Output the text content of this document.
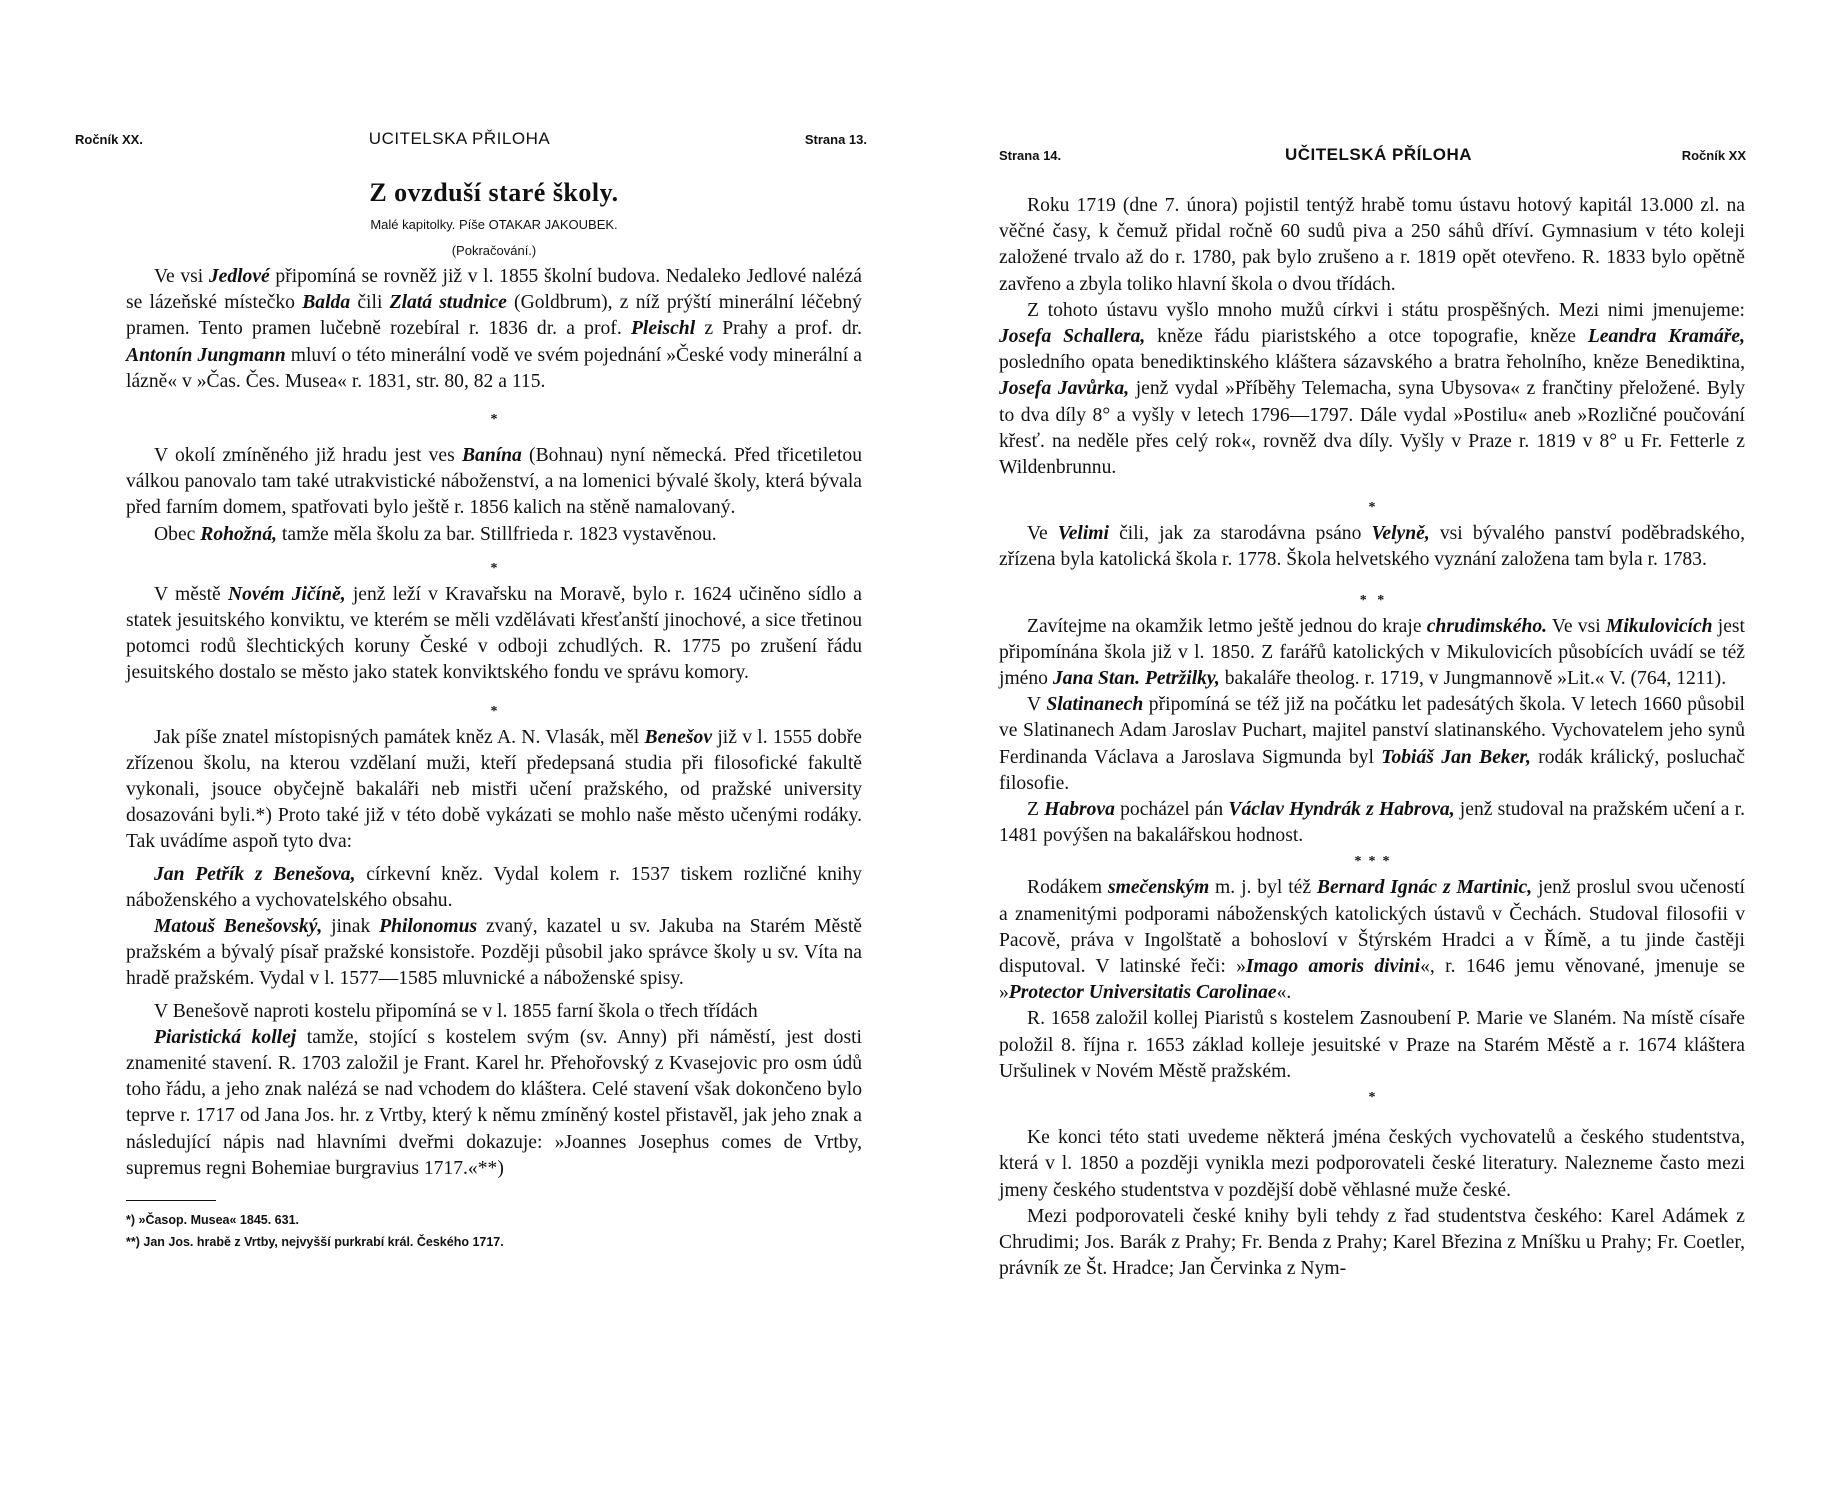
Ročník XX.	UCITELSKA PŘILOHA	Strana 13.
Z ovzduší staré školy.
Malé kapitolky. Píše OTAKAR JAKOUBEK.
(Pokračování.)

Ve vsi Jedlové připomíná se rovněž již v l. 1855 školní budova. Nedaleko Jedlové nalézá se lázeňské místečko Balda čili Zlatá studnice (Goldbrum), z níž prýští minerální léčebný pramen. Tento pramen lučebně rozebíral r. 1836 dr. a prof. Pleischl z Prahy a prof. dr. Antonín Jungmann mluví o této minerální vodě ve svém pojednání »České vody minerální a lázně« v »Čas. Čes. Musea« r. 1831, str. 80, 82 a 115.

*

V okolí zmíněného již hradu jest ves Banína (Bohnau) nyní německá. Před třicetiletou válkou panovalo tam také utrakvistické náboženství, a na lomenici bývalé školy, která bývala před farním domem, spatřovati bylo ještě r. 1856 kalich na stěně namalovaný.

Obec Rohožná, tamže měla školu za bar. Stillfrieda r. 1823 vystavěnou.

*

V městě Novém Jičíně, jenž leží v Kravařsku na Moravě, bylo r. 1624 učiněno sídlo a statek jesuitského konviktu, ve kterém se měli vzdělávati křesťanští jinochové, a sice třetinou potomci rodů šlechtických koruny České v odboji zchudlých. R. 1775 po zrušení řádu jesuitského dostalo se město jako statek konviktského fondu ve správu komory.

*

Jak píše znatel místopisných památek kněz A. N. Vlasák, měl Benešov již v l. 1555 dobře zřízenou školu, na kterou vzdělaní muži, kteří předepsaná studia při filosofické fakultě vykonali, jsouce obyčejně bakaláři neb mistři učení pražského, od pražské university dosazováni byli.*) Proto také již v této době vykázati se mohlo naše město učenými rodáky. Tak uvádíme aspoň tyto dva:

Jan Petřík z Benešova, církevní kněz. Vydal kolem r. 1537 tiskem rozličné knihy náboženského a vychovatelského obsahu.

Matouš Benešovský, jinak Philonomus zvaný, kazatel u sv. Jakuba na Starém Městě pražském a bývalý písař pražské konsistoře. Později působil jako správce školy u sv. Víta na hradě pražském. Vydal v l. 1577—1585 mluvnické a náboženské spisy.

V Benešově naproti kostelu připomíná se v l. 1855 farní škola o třech třídách

Piaristická kollej tamže, stojící s kostelem svým (sv. Anny) při náměstí, jest dosti znamenité stavení. R. 1703 založil je Frant. Karel hr. Přehořovský z Kvasejovic pro osm údů toho řádu, a jeho znak nalézá se nad vchodem do kláštera. Celé stavení však dokončeno bylo teprve r. 1717 od Jana Jos. hr. z Vrtby, který k němu zmíněný kostel přistavěl, jak jeho znak a následující nápis nad hlavními dveřmi dokazuje: »Joannes Josephus comes de Vrtby, supremus regni Bohemiae burgravius 1717.«**)

*) »Časop. Musea« 1845. 631.
**) Jan Jos. hrabě z Vrtby, nejvyšší purkrabí král. Českého 1717.
Strana 14.	UČITELSKÁ PŘÍLOHA	Ročník XX

Roku 1719 (dne 7. února) pojistil tentýž hrabě tomu ústavu hotový kapitál 13.000 zl. na věčné časy, k čemuž přidal ročně 60 sudů piva a 250 sáhů dříví. Gymnasium v této koleji založené trvalo až do r. 1780, pak bylo zrušeno a r. 1819 opět otevřeno. R. 1833 bylo opětně zavřeno a zbyla toliko hlavní škola o dvou třídách.

Z tohoto ústavu vyšlo mnoho mužů církvi i státu prospěšných. Mezi nimi jmenujeme: Josefa Schallera, kněze řádu piaristského a otce topografie, kněze Leandra Kramáře, posledního opata benediktinského kláštera sázavského a bratra řeholního, kněze Benediktina, Josefa Javůrka, jenž vydal »Příběhy Telemacha, syna Ubysova« z frančtiny přeložené. Byly to dva díly 8° a vyšly v letech 1796—1797. Dále vydal »Postilu« aneb »Rozličné poučování křesť. na neděle přes celý rok«, rovněž dva díly. Vyšly v Praze r. 1819 v 8° u Fr. Fetterle z Wildenbrunnu.

*

Ve Velimi čili, jak za starodávna psáno Velyně, vsi bývalého panství poděbradského, zřízena byla katolická škola r. 1778. Škola helvetského vyznání založena tam byla r. 1783.

*   *

Zavítejme na okamžik letmo ještě jednou do kraje chrudimského. Ve vsi Mikulovicích jest připomínána škola již v l. 1850. Z farářů katolických v Mikulovicích působících uvádí se též jméno Jana Stan. Petržilky, bakaláře theolog. r. 1719, v Jungmannově »Lit.« V. (764, 1211).

V Slatinanech připomíná se též již na počátku let padesátých škola. V letech 1660 působil ve Slatinanech Adam Jaroslav Puchart, majitel panství slatinanského. Vychovatelem jeho synů Ferdinanda Václava a Jaroslava Sigmunda byl Tobiáš Jan Beker, rodák králický, posluchač filosofie.

Z Habrova pocházel pán Václav Hyndrák z Habrova, jenž studoval na pražském učení a r. 1481 povýšen na bakalářskou hodnost.

*  *  *

Rodákem smečenským m. j. byl též Bernard Ignác z Martinic, jenž proslul svou učeností a znamenitými podporami náboženských katolických ústavů v Čechách. Studoval filosofii v Pacově, práva v Ingolštatě a bohosloví v Štýrském Hradci a v Římě, a tu jinde častěji disputoval. V latinské řeči: »Imago amoris divini«, r. 1646 jemu věnované, jmenuje se »Protector Universitatis Carolinae«.

R. 1658 založil kollej Piaristů s kostelem Zasnoubení P. Marie ve Slaném. Na místě císaře položil 8. října r. 1653 základ kolleje jesuitské v Praze na Starém Městě a r. 1674 kláštera Uršulinek v Novém Městě pražském.

*

Ke konci této stati uvedeme některá jména českých vychovatelů a českého studentstva, která v l. 1850 a později vynikla mezi podporovateli české literatury. Nalezneme často mezi jmeny českého studentstva v pozdější době věhlasné muže české.

Mezi podporovateli české knihy byli tehdy z řad studentstva českého: Karel Adámek z Chrudimi; Jos. Barák z Prahy; Fr. Benda z Prahy; Karel Březina z Mníšku u Prahy; Fr. Coetler, právník ze Št. Hradce; Jan Červinka z Nym-
